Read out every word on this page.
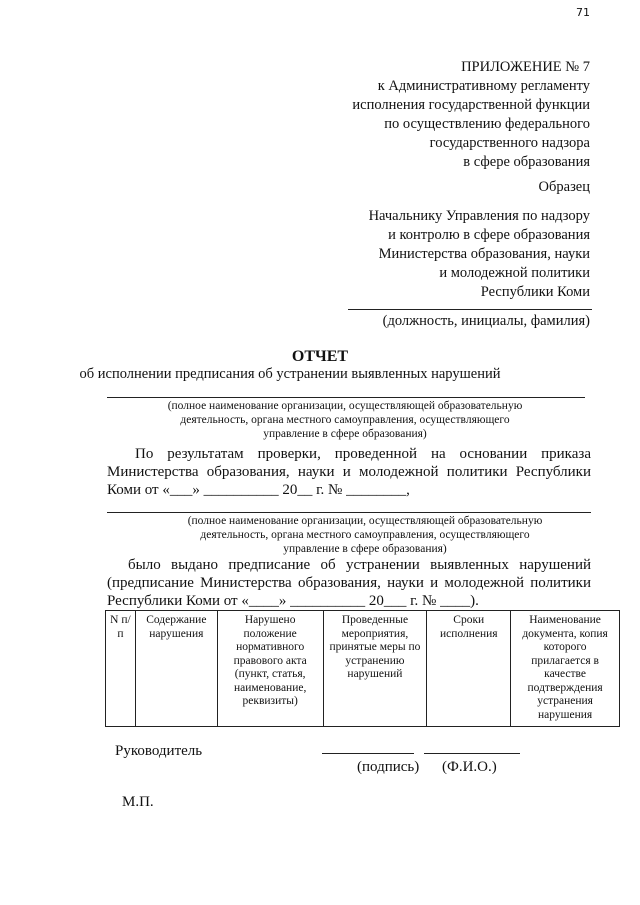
71
ПРИЛОЖЕНИЕ № 7
к Административному регламенту
исполнения государственной функции
по осуществлению федерального
государственного надзора
в сфере образования
Образец
Начальнику Управления по надзору
и контролю в сфере образования
Министерства образования, науки
и молодежной политики
Республики Коми
(должность, инициалы, фамилия)
ОТЧЕТ
об исполнении предписания об устранении выявленных нарушений
(полное наименование организации, осуществляющей образовательную
деятельность, органа местного самоуправления, осуществляющего
управление в сфере образования)
По результатам проверки, проведенной на основании приказа
Министерства образования, науки и молодежной политики Республики
Коми от «___» __________ 20__ г. № ________,
(полное наименование организации, осуществляющей образовательную
деятельность, органа местного самоуправления, осуществляющего
управление в сфере образования)
было выдано предписание об устранении выявленных нарушений
(предписание Министерства образования, науки и молодежной политики
Республики Коми от «____» __________ 20___ г. № ____).
N п/п	Содержание нарушения	Нарушено положение нормативного правового акта (пункт, статья, наименование, реквизиты)	Проведенные мероприятия, принятые меры по устранению нарушений	Сроки исполнения	Наименование документа, копия которого прилагается в качестве подтверждения устранения нарушения
Руководитель
(подпись) (Ф.И.О.)
М.П.
